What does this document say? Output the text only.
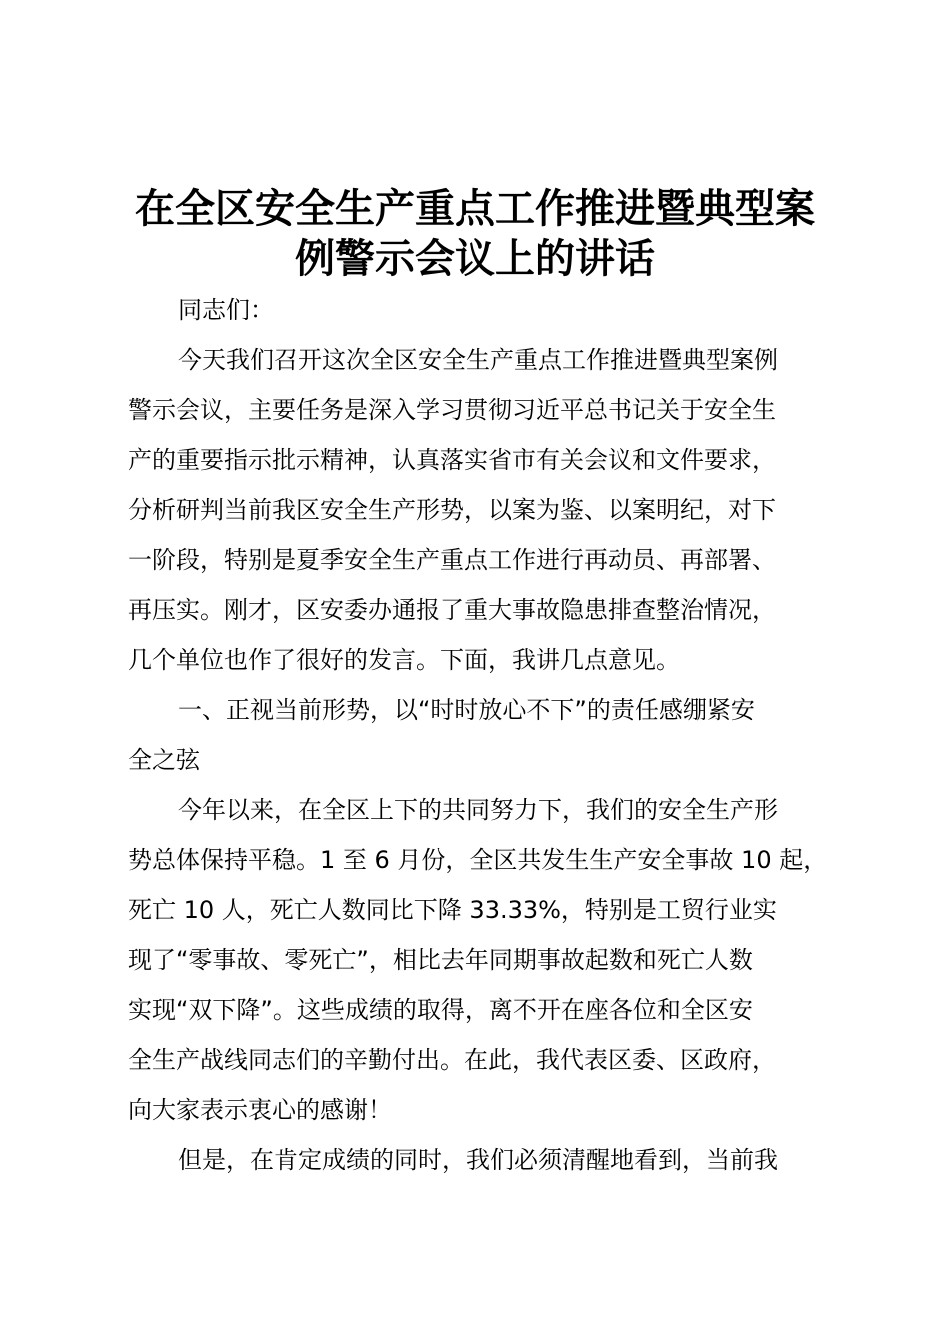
在全区安全生产重点工作推进暨典型案
例警示会议上的讲话

同志们：

今天我们召开这次全区安全生产重点工作推进暨典型案例

警示会议，主要任务是深入学习贯彻习近平总书记关于安全生

产的重要指示批示精神，认真落实省市有关会议和文件要求，

分析研判当前我区安全生产形势，以案为鉴、以案明纪，对下

一阶段，特别是夏季安全生产重点工作进行再动员、再部署、

再压实。刚才，区安委办通报了重大事故隐患排查整治情况，

几个单位也作了很好的发言。下面，我讲几点意见。

一、正视当前形势，以“时时放心不下”的责任感绷紧安

全之弦

今年以来，在全区上下的共同努力下，我们的安全生产形

势总体保持平稳。1 至 6 月份，全区共发生生产安全事故 10 起，

死亡 10 人，死亡人数同比下降 33.33%，特别是工贸行业实

现了“零事故、零死亡”，相比去年同期事故起数和死亡人数

实现“双下降”。这些成绩的取得，离不开在座各位和全区安

全生产战线同志们的辛勤付出。在此，我代表区委、区政府，

向大家表示衷心的感谢！

但是，在肯定成绩的同时，我们必须清醒地看到，当前我
